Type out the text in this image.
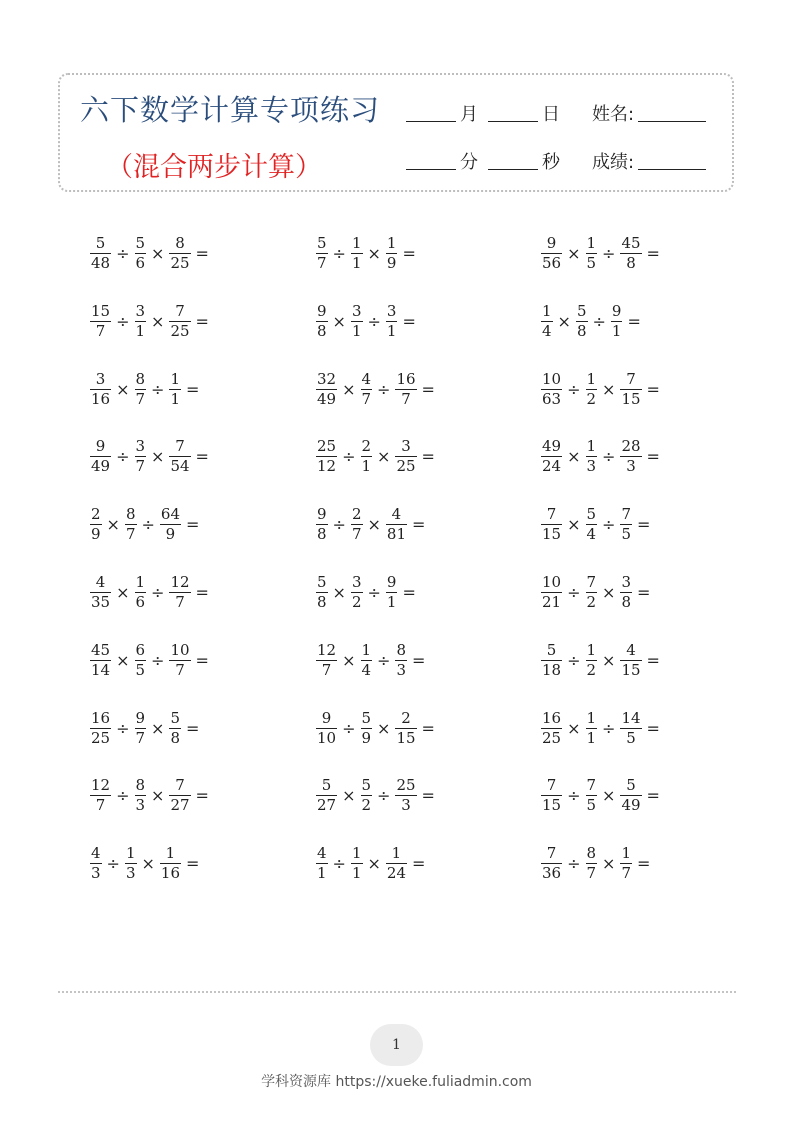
六下数学计算专项练习
（混合两步计算）
月	日 姓名:
分	秒 成绩:
$\frac{5}{48} \div \frac{5}{6} \times \frac{8}{25}$ =	$\frac{5}{7} \div \frac{1}{1} \times \frac{1}{9}$ =	$\frac{9}{56} \times \frac{1}{5} \div \frac{45}{8}$ =
$\frac{15}{7} \div \frac{3}{1} \times \frac{7}{25}$ =	$\frac{9}{8} \times \frac{3}{1} \div \frac{3}{1}$ =	$\frac{1}{4} \times \frac{5}{8} \div \frac{9}{1}$ =
$\frac{3}{16} \times \frac{8}{7} \div \frac{1}{1}$ =	$\frac{32}{49} \times \frac{4}{7} \div \frac{16}{7}$ =	$\frac{10}{63} \div \frac{1}{2} \times \frac{7}{15}$ =
$\frac{9}{49} \div \frac{3}{7} \times \frac{7}{54}$ =	$\frac{25}{12} \div \frac{2}{1} \times \frac{3}{25}$ =	$\frac{49}{24} \times \frac{1}{3} \div \frac{28}{3}$ =
$\frac{2}{9} \times \frac{8}{7} \div \frac{64}{9}$ =	$\frac{9}{8} \div \frac{2}{7} \times \frac{4}{81}$ =	$\frac{7}{15} \times \frac{5}{4} \div \frac{7}{5}$ =
$\frac{4}{35} \times \frac{1}{6} \div \frac{12}{7}$ =	$\frac{5}{8} \times \frac{3}{2} \div \frac{9}{1}$ =	$\frac{10}{21} \div \frac{7}{2} \times \frac{3}{8}$ =
$\frac{45}{14} \times \frac{6}{5} \div \frac{10}{7}$ =	$\frac{12}{7} \times \frac{1}{4} \div \frac{8}{3}$ =	$\frac{5}{18} \div \frac{1}{2} \times \frac{4}{15}$ =
$\frac{16}{25} \div \frac{9}{7} \times \frac{5}{8}$ =	$\frac{9}{10} \div \frac{5}{9} \times \frac{2}{15}$ =	$\frac{16}{25} \times \frac{1}{1} \div \frac{14}{5}$ =
$\frac{12}{7} \div \frac{8}{3} \times \frac{7}{27}$ =	$\frac{5}{27} \times \frac{5}{2} \div \frac{25}{3}$ =	$\frac{7}{15} \div \frac{7}{5} \times \frac{5}{49}$ =
$\frac{4}{3} \div \frac{1}{3} \times \frac{1}{16}$ =	$\frac{4}{1} \div \frac{1}{1} \times \frac{1}{24}$ =	$\frac{7}{36} \div \frac{8}{7} \times \frac{1}{7}$ =
1
学科资源库 https://xueke.fuliadmin.com
